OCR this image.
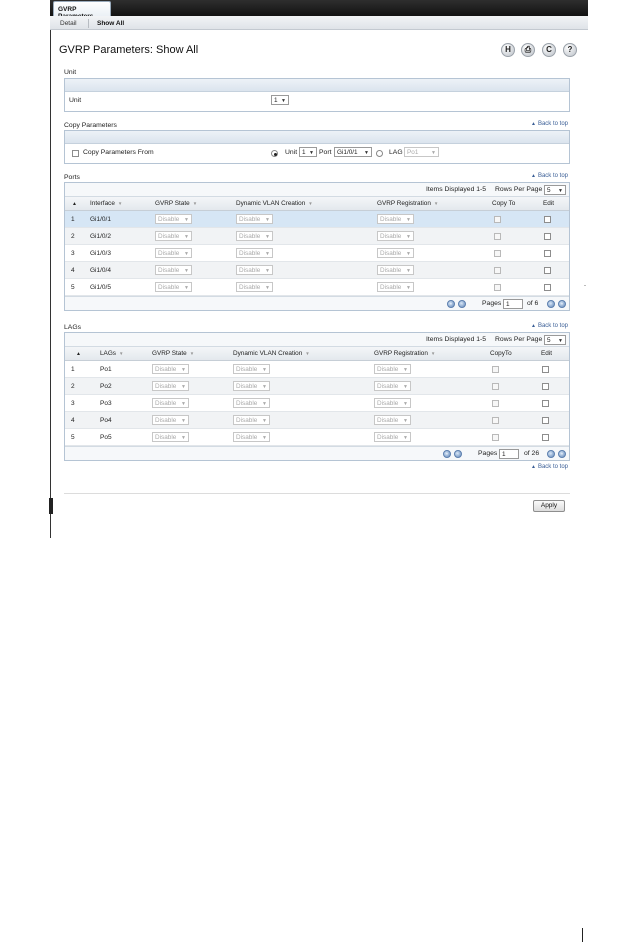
GVRP
Detail	Show All
GVRP Parameters: Show All	H	⎙	C	?
Unit
Unit	1 ▼
Copy Parameters	▲ Back to top
Copy Parameters From	Unit 1 ▼ Port Gi1/0/1 ▼	LAG Po1	▼
Ports	▲ Back to top
Items Displayed 1-5 Rows Per Page 5 ▼
▲ Interface ▼	GVRP State ▼	Dynamic VLAN Creation ▼	GVRP Registration ▼	Copy To	Edit
1 Gi1/0/1	Disable ▼	Disable ▼	Disable ▼
2 Gi1/0/2	Disable ▼	Disable ▼	Disable ▼
3 Gi1/0/3	Disable ▼	Disable ▼	Disable ▼
4 Gi1/0/4	Disable ▼	Disable ▼	Disable ▼
5 Gi1/0/5	Disable ▼	Disable ▼	Disable ▼
«	‹	Pages 1	of 6	›	»
LAGs	▲ Back to top
Items Displayed 1-5 Rows Per Page 5 ▼
▲	LAGs ▼	GVRP State ▼	Dynamic VLAN Creation ▼	GVRP Registration ▼	CopyTo	Edit
1	Po1	Disable ▼	Disable ▼	Disable ▼
2	Po2	Disable ▼	Disable ▼	Disable ▼
3	Po3	Disable ▼	Disable ▼	Disable ▼
4	Po4	Disable ▼	Disable ▼	Disable ▼
5	Po5	Disable ▼	Disable ▼	Disable ▼
«	‹	Pages 1	of 26	›	»
▲ Back to top
Apply
